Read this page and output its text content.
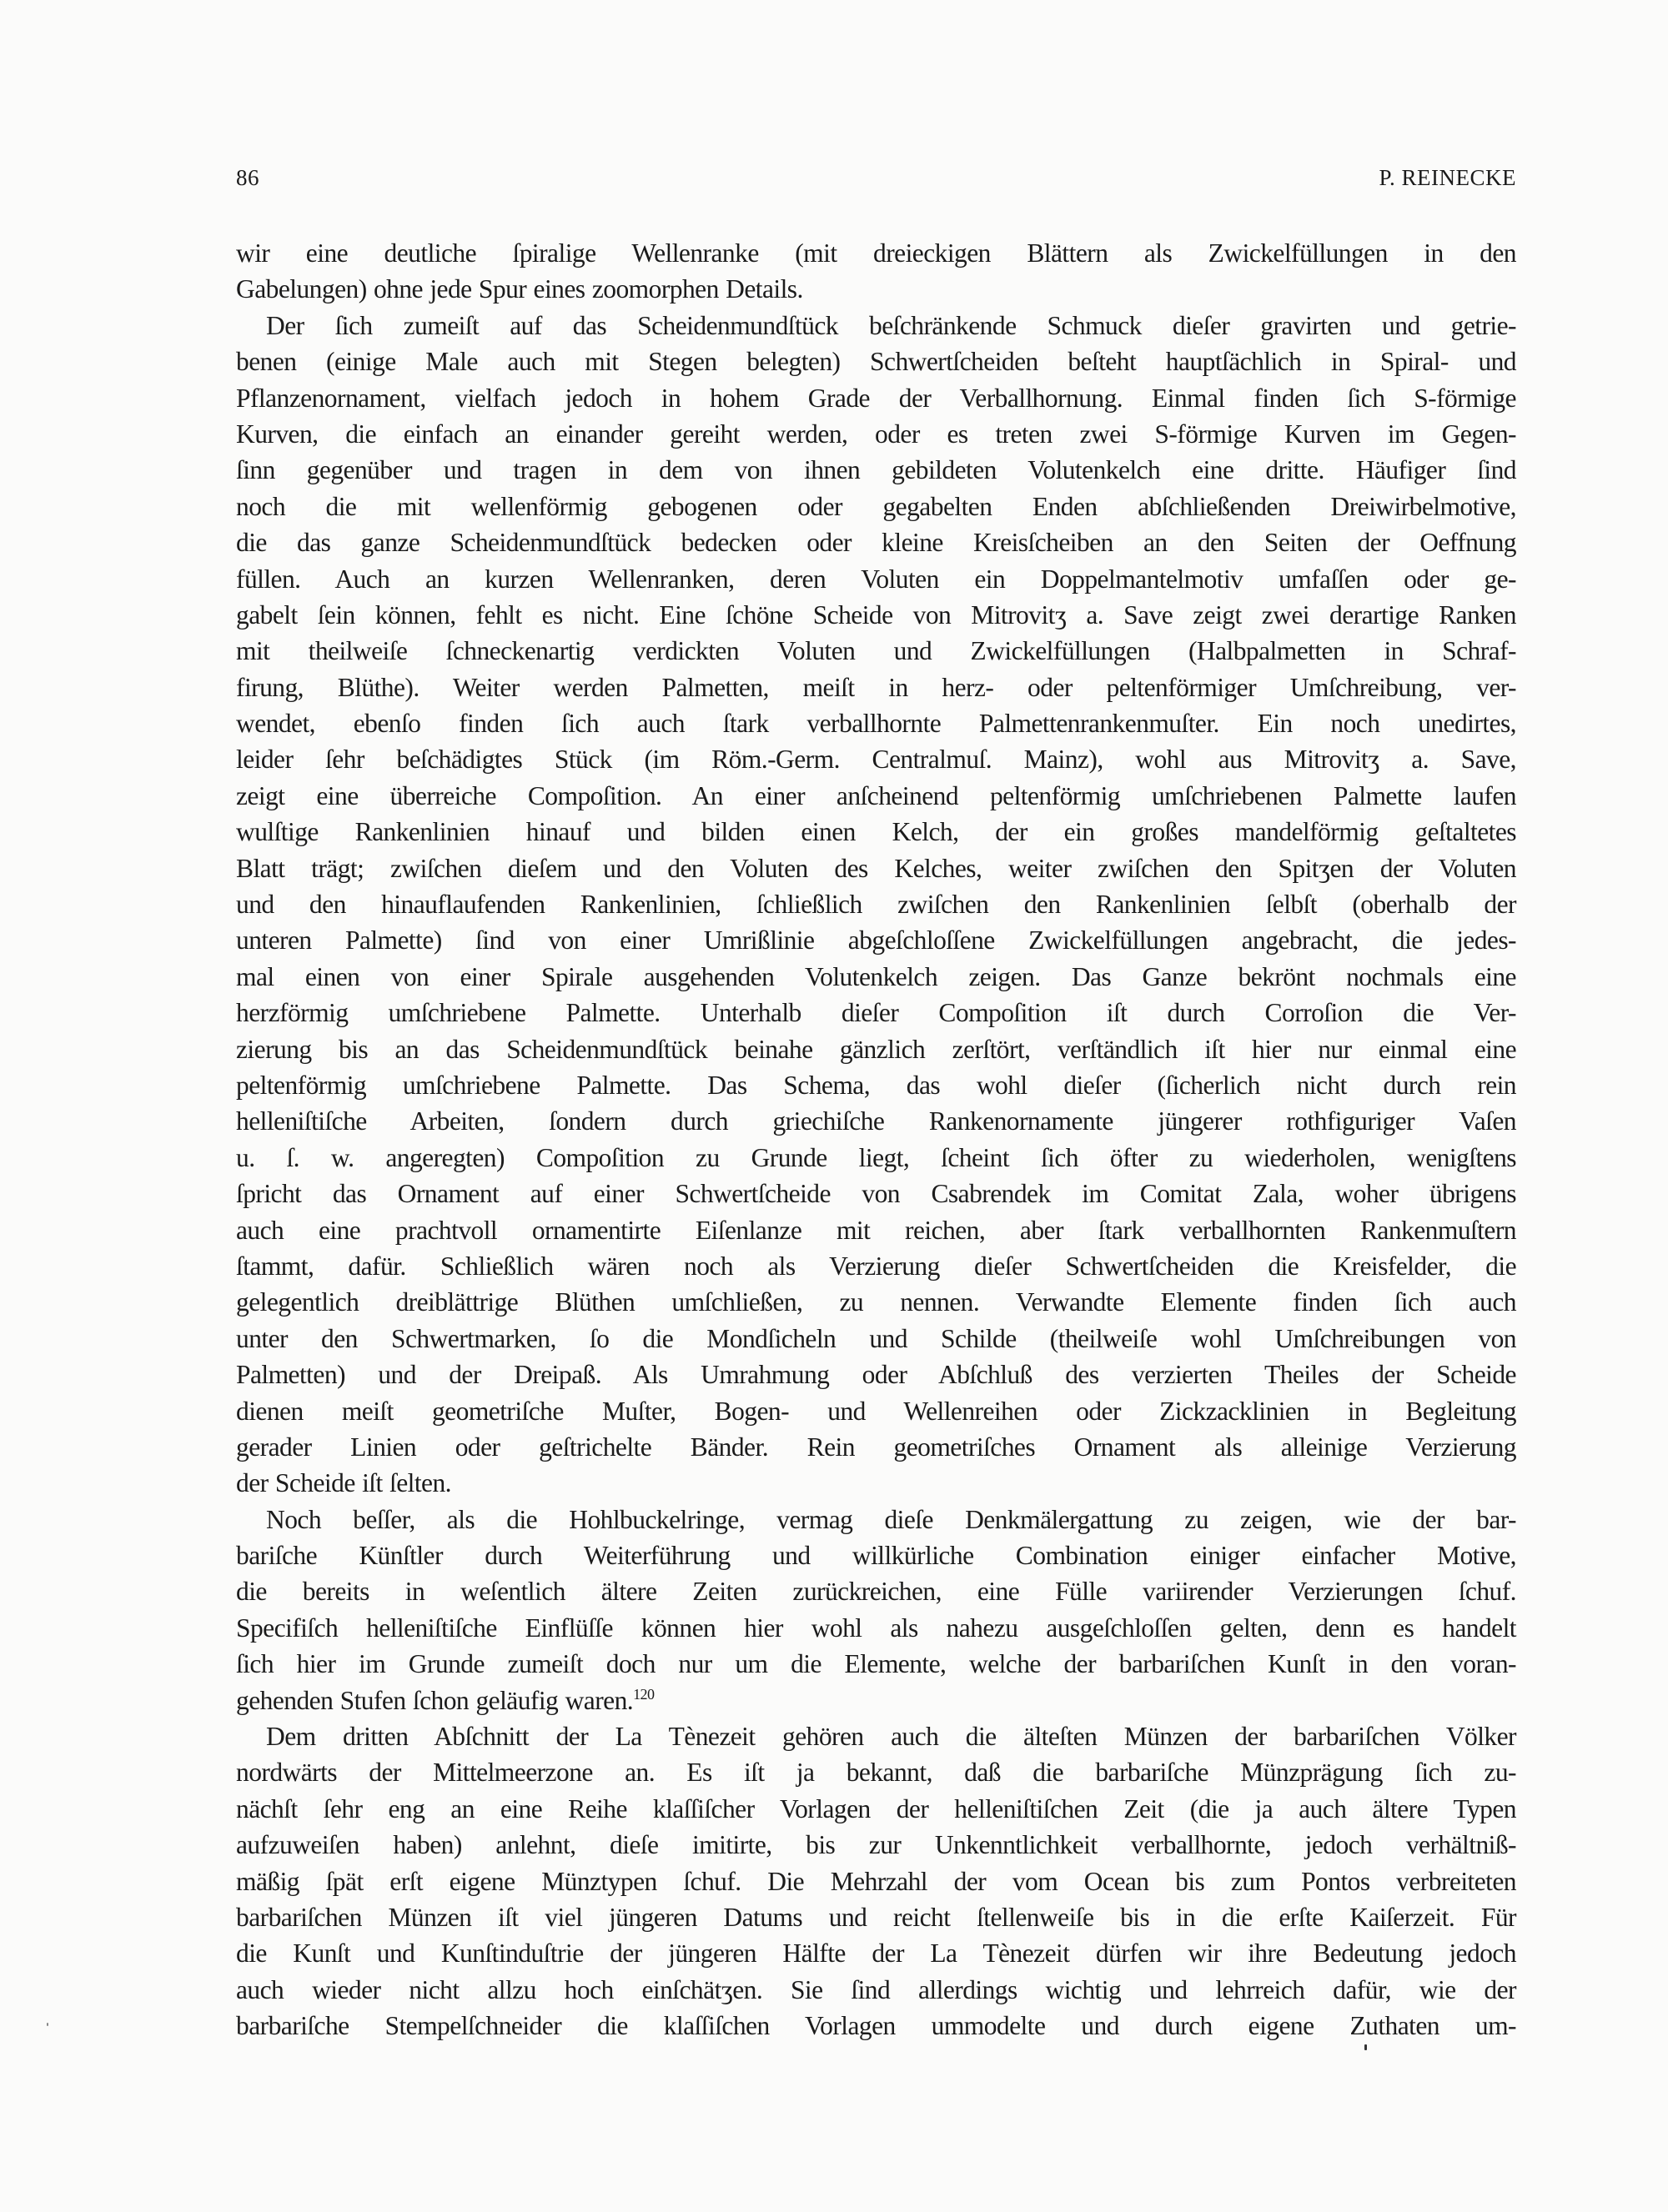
86	P. REINECKE
wir eine deutliche ſpiralige Wellenranke (mit dreieckigen Blättern als Zwickelfüllungen in den
Gabelungen) ohne jede Spur eines zoomorphen Details.
Der ſich zumeiſt auf das Scheidenmundſtück beſchränkende Schmuck dieſer gravirten und getrie-
benen (einige Male auch mit Stegen belegten) Schwertſcheiden beſteht hauptſächlich in Spiral- und
Pflanzenornament, vielfach jedoch in hohem Grade der Verballhornung. Einmal finden ſich S-förmige
Kurven, die einfach an einander gereiht werden, oder es treten zwei S-förmige Kurven im Gegen-
ſinn gegenüber und tragen in dem von ihnen gebildeten Volutenkelch eine dritte. Häufiger ſind
noch die mit wellenförmig gebogenen oder gegabelten Enden abſchließenden Dreiwirbelmotive,
die das ganze Scheidenmundſtück bedecken oder kleine Kreisſcheiben an den Seiten der Oeffnung
füllen. Auch an kurzen Wellenranken, deren Voluten ein Doppelmantelmotiv umfaſſen oder ge-
gabelt ſein können, fehlt es nicht. Eine ſchöne Scheide von Mitrovitʒ a. Save zeigt zwei derartige Ranken
mit theilweiſe ſchneckenartig verdickten Voluten und Zwickelfüllungen (Halbpalmetten in Schraf-
firung, Blüthe). Weiter werden Palmetten, meiſt in herz- oder peltenförmiger Umſchreibung, ver-
wendet, ebenſo finden ſich auch ſtark verballhornte Palmettenrankenmuſter. Ein noch unedirtes,
leider ſehr beſchädigtes Stück (im Röm.-Germ. Centralmuſ. Mainz), wohl aus Mitrovitʒ a. Save,
zeigt eine überreiche Compoſition. An einer anſcheinend peltenförmig umſchriebenen Palmette laufen
wulſtige Rankenlinien hinauf und bilden einen Kelch, der ein großes mandelförmig geſtaltetes
Blatt trägt; zwiſchen dieſem und den Voluten des Kelches, weiter zwiſchen den Spitʒen der Voluten
und den hinauflaufenden Rankenlinien, ſchließlich zwiſchen den Rankenlinien ſelbſt (oberhalb der
unteren Palmette) ſind von einer Umrißlinie abgeſchloſſene Zwickelfüllungen angebracht, die jedes-
mal einen von einer Spirale ausgehenden Volutenkelch zeigen. Das Ganze bekrönt nochmals eine
herzförmig umſchriebene Palmette. Unterhalb dieſer Compoſition iſt durch Corroſion die Ver-
zierung bis an das Scheidenmundſtück beinahe gänzlich zerſtört, verſtändlich iſt hier nur einmal eine
peltenförmig umſchriebene Palmette. Das Schema, das wohl dieſer (ſicherlich nicht durch rein
helleniſtiſche Arbeiten, ſondern durch griechiſche Rankenornamente jüngerer rothfiguriger Vaſen
u. ſ. w. angeregten) Compoſition zu Grunde liegt, ſcheint ſich öfter zu wiederholen, wenigſtens
ſpricht das Ornament auf einer Schwertſcheide von Csabrendek im Comitat Zala, woher übrigens
auch eine prachtvoll ornamentirte Eiſenlanze mit reichen, aber ſtark verballhornten Rankenmuſtern
ſtammt, dafür. Schließlich wären noch als Verzierung dieſer Schwertſcheiden die Kreisfelder, die
gelegentlich dreiblättrige Blüthen umſchließen, zu nennen. Verwandte Elemente finden ſich auch
unter den Schwertmarken, ſo die Mondſicheln und Schilde (theilweiſe wohl Umſchreibungen von
Palmetten) und der Dreipaß. Als Umrahmung oder Abſchluß des verzierten Theiles der Scheide
dienen meiſt geometriſche Muſter, Bogen- und Wellenreihen oder Zickzacklinien in Begleitung
gerader Linien oder geſtrichelte Bänder. Rein geometriſches Ornament als alleinige Verzierung
der Scheide iſt ſelten.
Noch beſſer, als die Hohlbuckelringe, vermag dieſe Denkmälergattung zu zeigen, wie der bar-
bariſche Künſtler durch Weiterführung und willkürliche Combination einiger einfacher Motive,
die bereits in weſentlich ältere Zeiten zurückreichen, eine Fülle variirender Verzierungen ſchuf.
Specifiſch helleniſtiſche Einflüſſe können hier wohl als nahezu ausgeſchloſſen gelten, denn es handelt
ſich hier im Grunde zumeiſt doch nur um die Elemente, welche der barbariſchen Kunſt in den voran-
gehenden Stufen ſchon geläufig waren.$^{120}$
Dem dritten Abſchnitt der La Tènezeit gehören auch die älteſten Münzen der barbariſchen Völker
nordwärts der Mittelmeerzone an. Es iſt ja bekannt, daß die barbariſche Münzprägung ſich zu-
nächſt ſehr eng an eine Reihe klaſſiſcher Vorlagen der helleniſtiſchen Zeit (die ja auch ältere Typen
aufzuweiſen haben) anlehnt, dieſe imitirte, bis zur Unkenntlichkeit verballhornte, jedoch verhältniß-
mäßig ſpät erſt eigene Münztypen ſchuf. Die Mehrzahl der vom Ocean bis zum Pontos verbreiteten
barbariſchen Münzen iſt viel jüngeren Datums und reicht ſtellenweiſe bis in die erſte Kaiſerzeit. Für
die Kunſt und Kunſtinduſtrie der jüngeren Hälfte der La Tènezeit dürfen wir ihre Bedeutung jedoch
auch wieder nicht allzu hoch einſchätʒen. Sie ſind allerdings wichtig und lehrreich dafür, wie der
barbariſche Stempelſchneider die klaſſiſchen Vorlagen ummodelte und durch eigene Zuthaten um-
